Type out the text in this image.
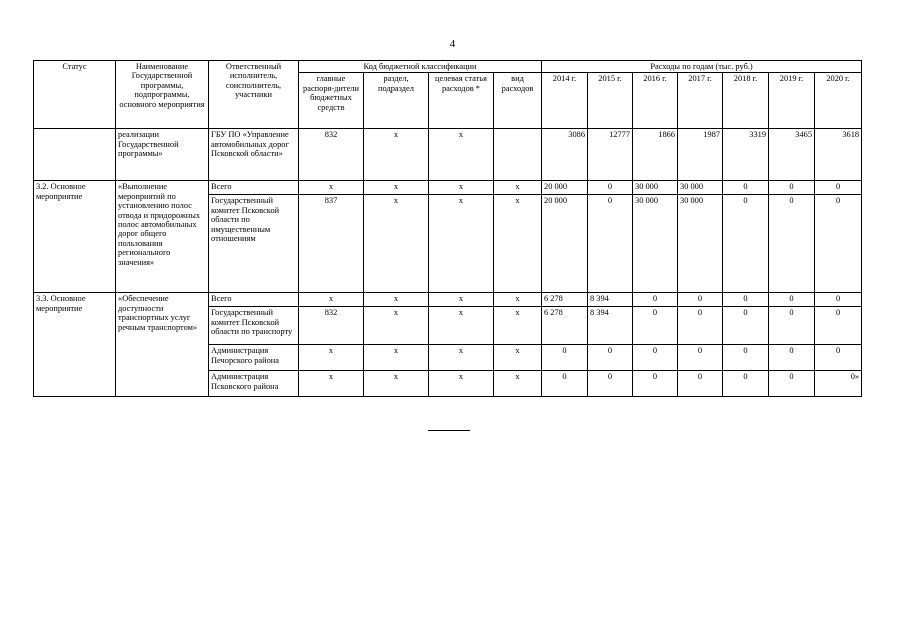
4
Статус	Наименование Государственной программы, подпрограммы, основного мероприятия	Ответственный исполнитель, соисполнитель, участники	Код бюджетной классификации				Расходы по годам (тыс. руб.)						
			главные распоря-дители бюджетных средств	раздел, подраздел	целевая статья расходов *	вид расходов	2014 г.	2015 г.	2016 г.	2017 г.	2018 г.	2019 г.	2020 г.
	реализации Государственной программы»	ГБУ ПО «Управление автомобильных дорог Псковской области»	832	х	х		3086	12777	1866	1987	3319	3465	3618
3.2. Основное мероприятие	«Выполнение мероприятий по установлению полос отвода и придорожных полос автомобильных дорог общего пользования регионального значения»	Всего	х	х	х	х	20 000	0	30 000	30 000	0	0	0
		Государственный комитет Псковской области по имущественным отношениям	837	х	х	х	20 000	0	30 000	30 000	0	0	0
3.3. Основное мероприятие	«Обеспечение доступности транспортных услуг речным транспортом»	Всего	х	х	х	х	6 278	8 394	0	0	0	0	0
		Государственный комитет Псковской области по транспорту	832	х	х	х	6 278	8 394	0	0	0	0	0
		Администрация Печорского района	х	х	х	х	0	0	0	0	0	0	0
		Администрация Псковского района	х	х	х	х	0	0	0	0	0	0	0»
